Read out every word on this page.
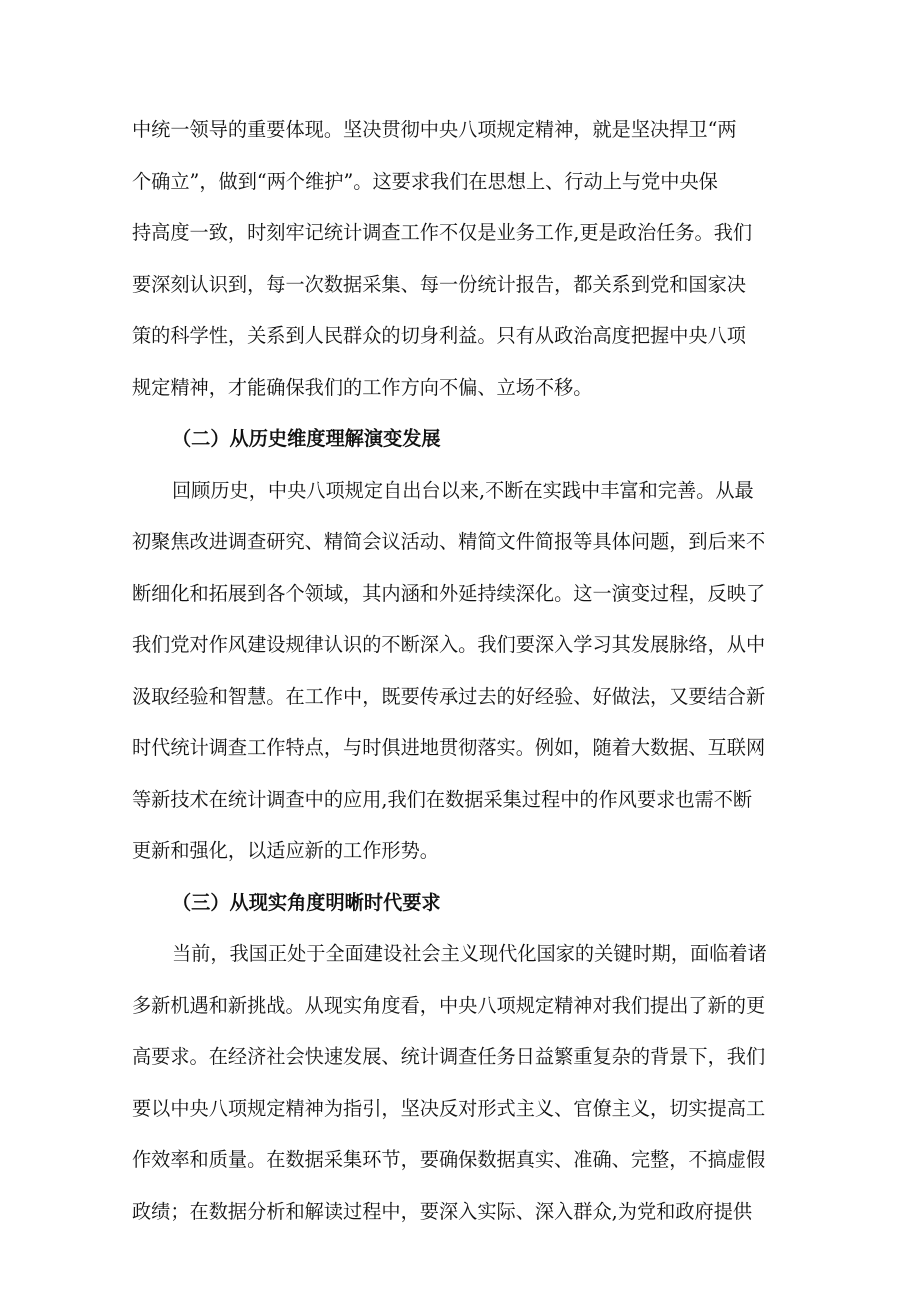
中统一领导的重要体现。坚决贯彻中央八项规定精神，就是坚决捍卫“两
个确立”，做到“两个维护”。这要求我们在思想上、行动上与党中央保
持高度一致，时刻牢记统计调查工作不仅是业务工作,更是政治任务。我们
要深刻认识到，每一次数据采集、每一份统计报告，都关系到党和国家决
策的科学性，关系到人民群众的切身利益。只有从政治高度把握中央八项
规定精神，才能确保我们的工作方向不偏、立场不移。
（二）从历史维度理解演变发展
回顾历史，中央八项规定自出台以来,不断在实践中丰富和完善。从最
初聚焦改进调查研究、精简会议活动、精简文件简报等具体问题，到后来不
断细化和拓展到各个领域，其内涵和外延持续深化。这一演变过程，反映了
我们党对作风建设规律认识的不断深入。我们要深入学习其发展脉络，从中
汲取经验和智慧。在工作中，既要传承过去的好经验、好做法，又要结合新
时代统计调查工作特点，与时俱进地贯彻落实。例如，随着大数据、互联网
等新技术在统计调查中的应用,我们在数据采集过程中的作风要求也需不断
更新和强化，以适应新的工作形势。
（三）从现实角度明晰时代要求
当前，我国正处于全面建设社会主义现代化国家的关键时期，面临着诸
多新机遇和新挑战。从现实角度看，中央八项规定精神对我们提出了新的更
高要求。在经济社会快速发展、统计调查任务日益繁重复杂的背景下，我们
要以中央八项规定精神为指引，坚决反对形式主义、官僚主义，切实提高工
作效率和质量。在数据采集环节，要确保数据真实、准确、完整，不搞虚假
政绩；在数据分析和解读过程中，要深入实际、深入群众,为党和政府提供
